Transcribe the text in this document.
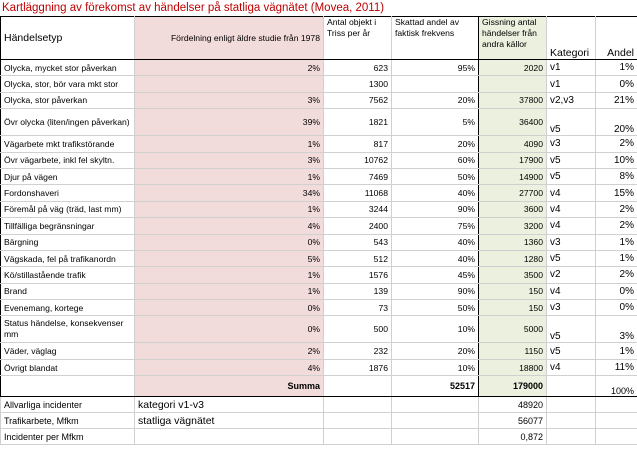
Kartläggning av förekomst av händelser på statliga vägnätet (Movea, 2011)
Händelsetyp	Fördelning enligt äldre studie från 1978	Antal objekt i Triss per år	Skattad andel av faktisk frekvens	Gissning antal händelser från andra källor	Kategori	Andel
Olycka, mycket stor påverkan	2%	623	95%	2020	v1	1%
Olycka, stor, bör vara mkt stor		1300			v1	0%
Olycka, stor påverkan	3%	7562	20%	37800	v2,v3	21%
Övr olycka (liten/ingen påverkan)	39%	1821	5%	36400	v5	20%
Vägarbete mkt trafikstörande	1%	817	20%	4090	v3	2%
Övr vägarbete, inkl fel skyltn.	3%	10762	60%	17900	v5	10%
Djur på vägen	1%	7469	50%	14900	v5	8%
Fordonshaveri	34%	11068	40%	27700	v4	15%
Föremål på väg (träd, last mm)	1%	3244	90%	3600	v4	2%
Tillfälliga begränsningar	4%	2400	75%	3200	v4	2%
Bärgning	0%	543	40%	1360	v3	1%
Vägskada, fel på trafikanordn	5%	512	40%	1280	v5	1%
Kö/stillastående trafik	1%	1576	45%	3500	v2	2%
Brand	1%	139	90%	150	v4	0%
Evenemang, kortege	0%	73	50%	150	v3	0%
Status händelse, konsekvenser mm	0%	500	10%	5000	v5	3%
Väder, väglag	2%	232	20%	1150	v5	1%
Övrigt blandat	4%	1876	10%	18800	v4	11%
	Summa		52517	179000		100%
Allvarliga incidenter	kategori v1-v3			48920		
Trafikarbete, Mfkm	statliga vägnätet			56077		
Incidenter per Mfkm				0,872		
